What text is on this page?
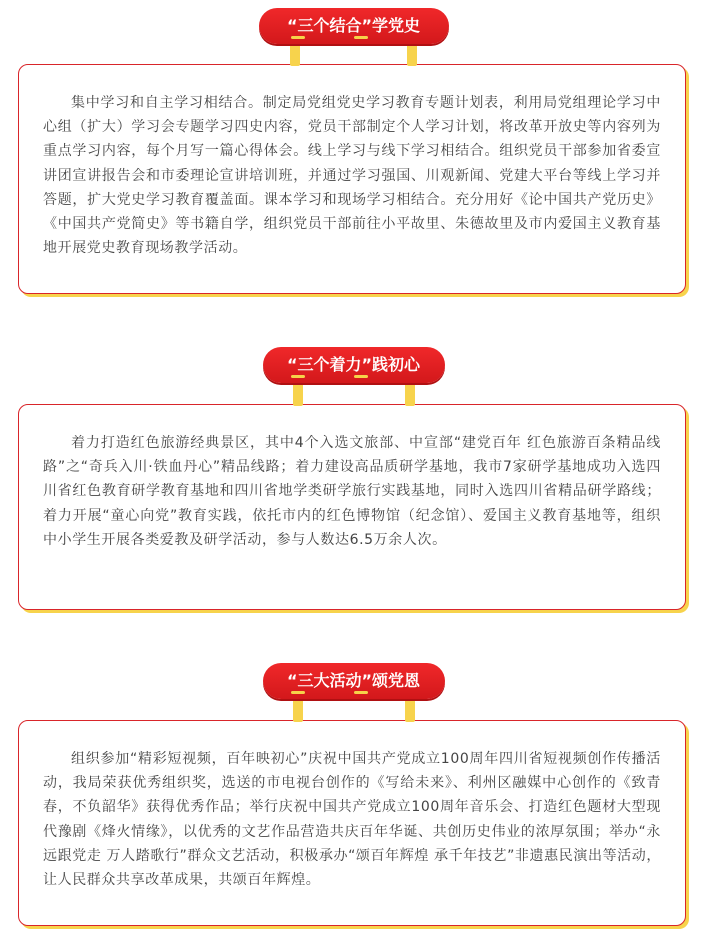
“三个结合”学党史

集中学习和自主学习相结合。制定局党组党史学习教育专题计划表，利用局党组理论学习中心组（扩大）学习会专题学习四史内容，党员干部制定个人学习计划，将改革开放史等内容列为重点学习内容，每个月写一篇心得体会。线上学习与线下学习相结合。组织党员干部参加省委宣讲团宣讲报告会和市委理论宣讲培训班，并通过学习强国、川观新闻、党建大平台等线上学习并答题，扩大党史学习教育覆盖面。课本学习和现场学习相结合。充分用好《论中国共产党历史》《中国共产党简史》等书籍自学，组织党员干部前往小平故里、朱德故里及市内爱国主义教育基地开展党史教育现场教学活动。

“三个着力”践初心

着力打造红色旅游经典景区，其中4个入选文旅部、中宣部“建党百年 红色旅游百条精品线路”之“奇兵入川·铁血丹心”精品线路；着力建设高品质研学基地，我市7家研学基地成功入选四川省红色教育研学教育基地和四川省地学类研学旅行实践基地，同时入选四川省精品研学路线；着力开展“童心向党”教育实践，依托市内的红色博物馆（纪念馆）、爱国主义教育基地等，组织中小学生开展各类爱教及研学活动，参与人数达6.5万余人次。

“三大活动”颂党恩

组织参加“精彩短视频，百年映初心”庆祝中国共产党成立100周年四川省短视频创作传播活动，我局荣获优秀组织奖，选送的市电视台创作的《写给未来》、利州区融媒中心创作的《致青春，不负韶华》获得优秀作品；举行庆祝中国共产党成立100周年音乐会、打造红色题材大型现代豫剧《烽火情缘》，以优秀的文艺作品营造共庆百年华诞、共创历史伟业的浓厚氛围；举办“永远跟党走 万人踏歌行”群众文艺活动，积极承办“颂百年辉煌 承千年技艺”非遗惠民演出等活动，让人民群众共享改革成果，共颂百年辉煌。
